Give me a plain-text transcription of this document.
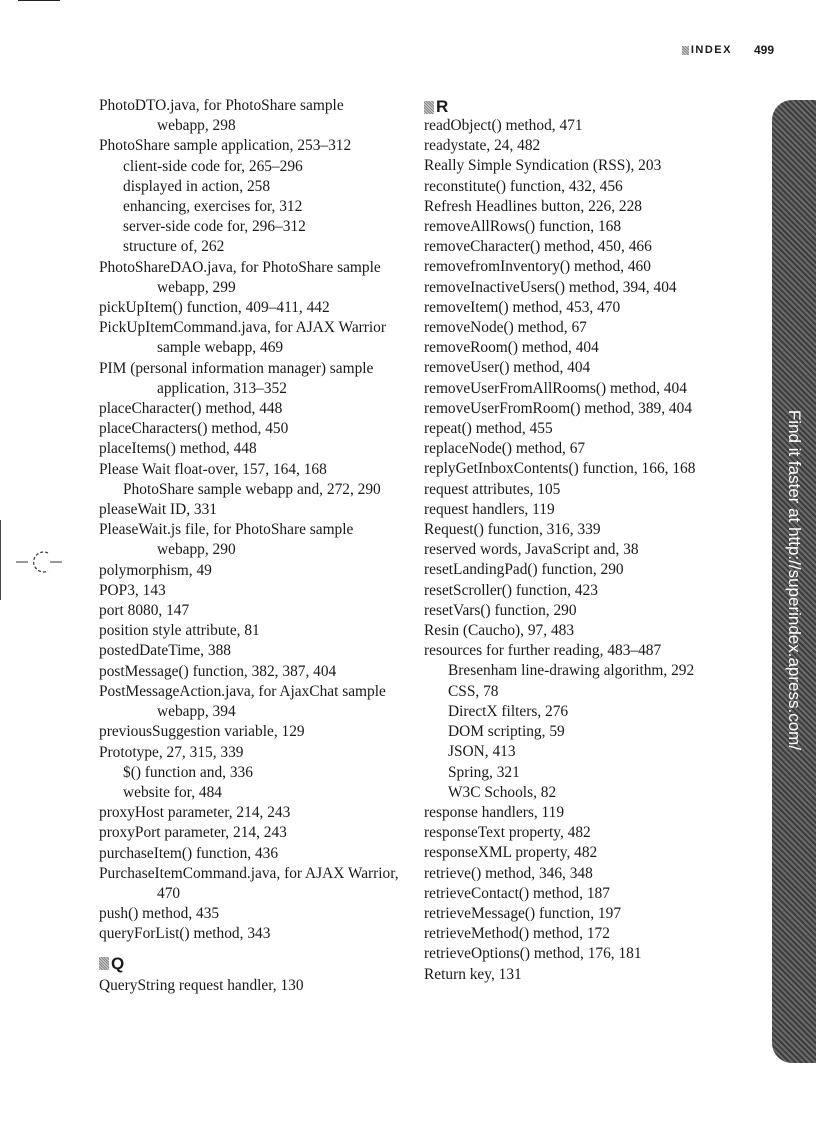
INDEX 499
PhotoDTO.java, for PhotoShare sample webapp, 298
PhotoShare sample application, 253–312
client-side code for, 265–296
displayed in action, 258
enhancing, exercises for, 312
server-side code for, 296–312
structure of, 262
PhotoShareDAO.java, for PhotoShare sample webapp, 299
pickUpItem() function, 409–411, 442
PickUpItemCommand.java, for AJAX Warrior sample webapp, 469
PIM (personal information manager) sample application, 313–352
placeCharacter() method, 448
placeCharacters() method, 450
placeItems() method, 448
Please Wait float-over, 157, 164, 168
PhotoShare sample webapp and, 272, 290
pleaseWait ID, 331
PleaseWait.js file, for PhotoShare sample webapp, 290
polymorphism, 49
POP3, 143
port 8080, 147
position style attribute, 81
postedDateTime, 388
postMessage() function, 382, 387, 404
PostMessageAction.java, for AjaxChat sample webapp, 394
previousSuggestion variable, 129
Prototype, 27, 315, 339
$() function and, 336
website for, 484
proxyHost parameter, 214, 243
proxyPort parameter, 214, 243
purchaseItem() function, 436
PurchaseItemCommand.java, for AJAX Warrior, 470
push() method, 435
queryForList() method, 343
Q
QueryString request handler, 130
R
readObject() method, 471
readystate, 24, 482
Really Simple Syndication (RSS), 203
reconstitute() function, 432, 456
Refresh Headlines button, 226, 228
removeAllRows() function, 168
removeCharacter() method, 450, 466
removefromInventory() method, 460
removeInactiveUsers() method, 394, 404
removeItem() method, 453, 470
removeNode() method, 67
removeRoom() method, 404
removeUser() method, 404
removeUserFromAllRooms() method, 404
removeUserFromRoom() method, 389, 404
repeat() method, 455
replaceNode() method, 67
replyGetInboxContents() function, 166, 168
request attributes, 105
request handlers, 119
Request() function, 316, 339
reserved words, JavaScript and, 38
resetLandingPad() function, 290
resetScroller() function, 423
resetVars() function, 290
Resin (Caucho), 97, 483
resources for further reading, 483–487
Bresenham line-drawing algorithm, 292
CSS, 78
DirectX filters, 276
DOM scripting, 59
JSON, 413
Spring, 321
W3C Schools, 82
response handlers, 119
responseText property, 482
responseXML property, 482
retrieve() method, 346, 348
retrieveContact() method, 187
retrieveMessage() function, 197
retrieveMethod() method, 172
retrieveOptions() method, 176, 181
Return key, 131
Find it faster at http://superindex.apress.com/
